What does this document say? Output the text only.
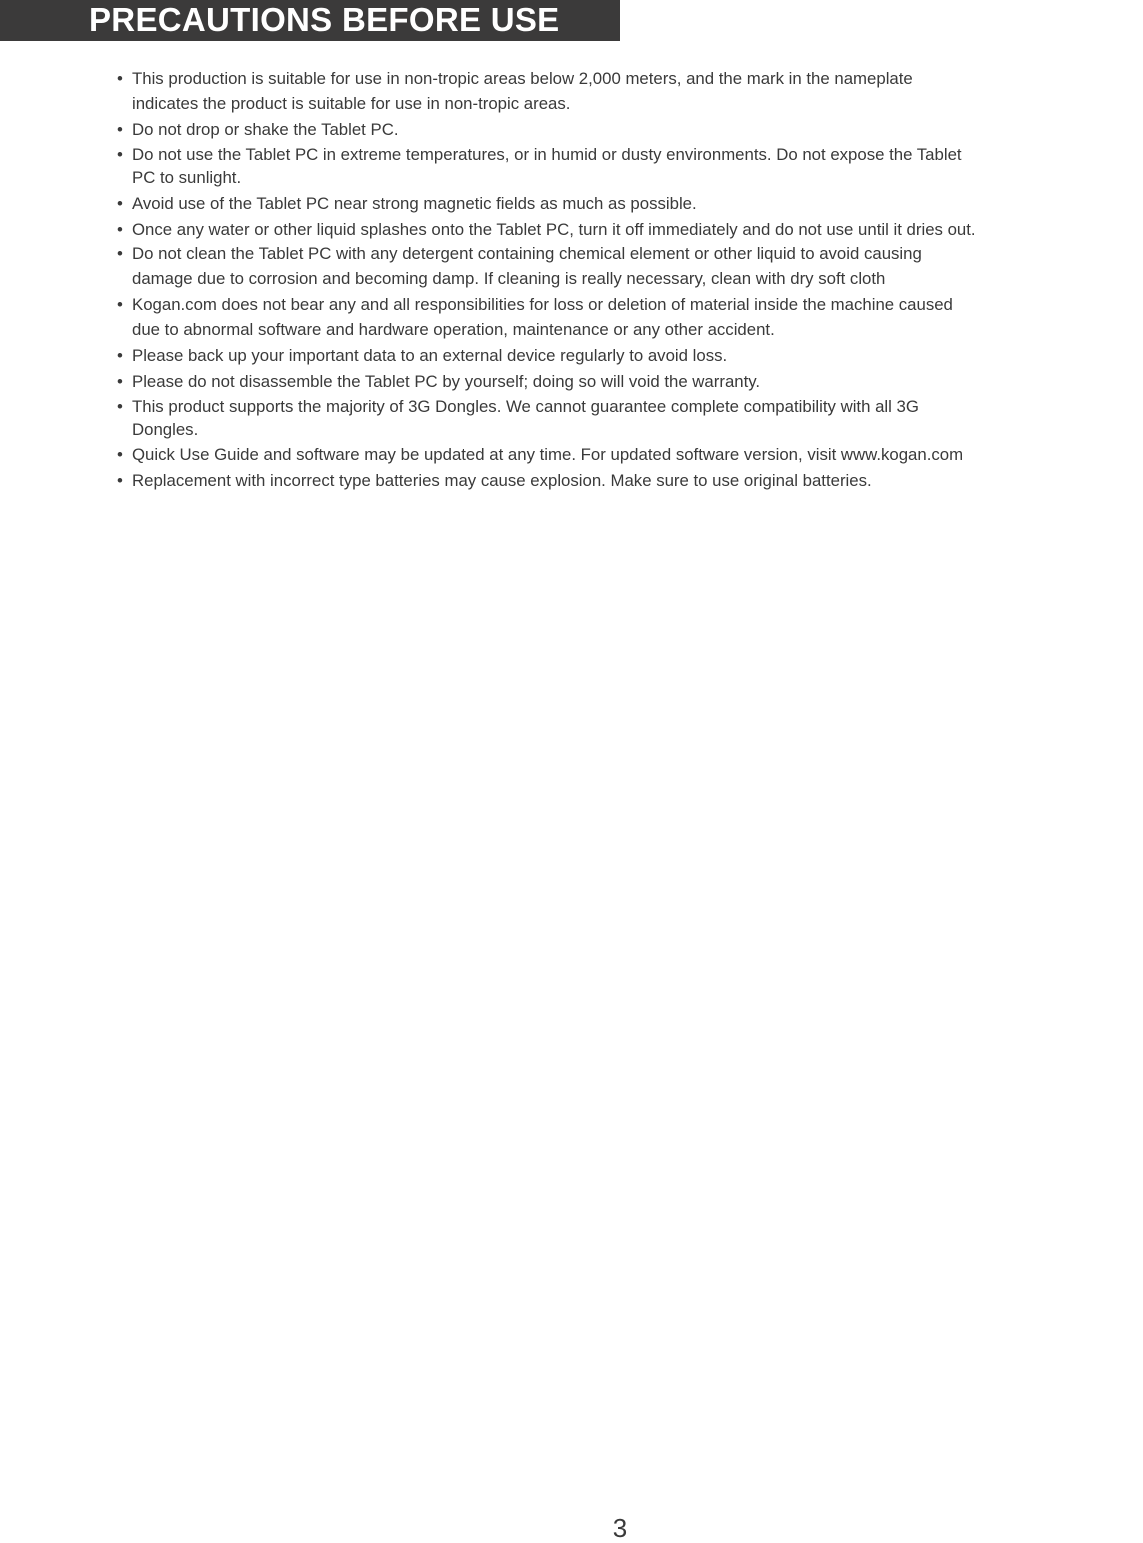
PRECAUTIONS BEFORE USE
• This production is suitable for use in non-tropic areas below 2,000 meters, and the mark in the nameplate
indicates the product is suitable for use in non-tropic areas.
• Do not drop or shake the Tablet PC.
• Do not use the Tablet PC in extreme temperatures, or in humid or dusty environments. Do not expose the Tablet
PC to sunlight.
• Avoid use of the Tablet PC near strong magnetic fields as much as possible.
• Once any water or other liquid splashes onto the Tablet PC, turn it off immediately and do not use until it dries out.
• Do not clean the Tablet PC with any detergent containing chemical element or other liquid to avoid causing
damage due to corrosion and becoming damp. If cleaning is really necessary, clean with dry soft cloth
• Kogan.com does not bear any and all responsibilities for loss or deletion of material inside the machine caused
due to abnormal software and hardware operation, maintenance or any other accident.
• Please back up your important data to an external device regularly to avoid loss.
• Please do not disassemble the Tablet PC by yourself; doing so will void the warranty.
• This product supports the majority of 3G Dongles. We cannot guarantee complete compatibility with all 3G
Dongles.
• Quick Use Guide and software may be updated at any time. For updated software version, visit www.kogan.com
• Replacement with incorrect type batteries may cause explosion. Make sure to use original batteries.
3
